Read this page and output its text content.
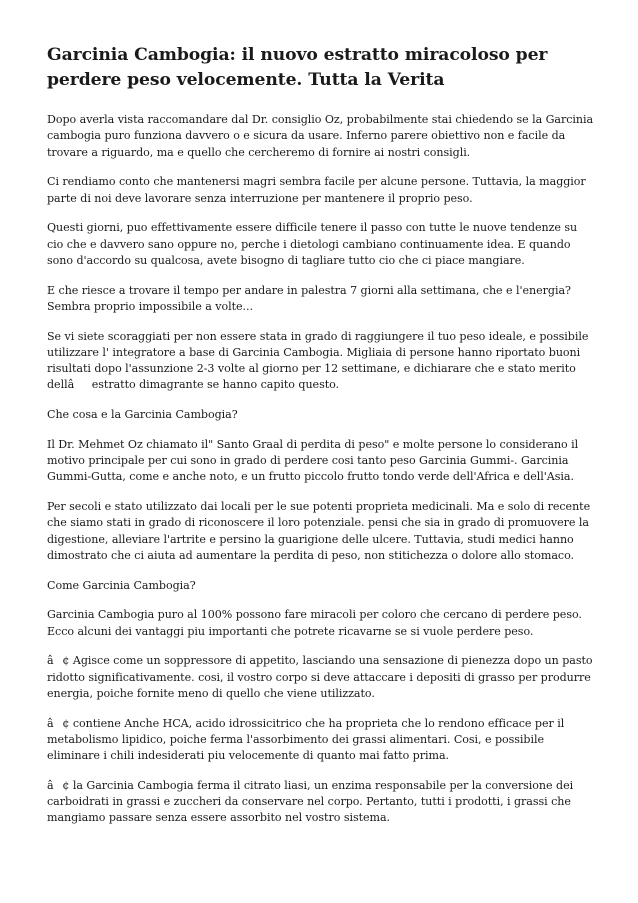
Garcinia Cambogia: il nuovo estratto miracoloso per perdere peso velocemente. Tutta la Verita

Dopo averla vista raccomandare dal Dr. consiglio Oz, probabilmente stai chiedendo se la Garcinia cambogia puro funziona davvero o e sicura da usare. Inferno parere obiettivo non e facile da trovare a riguardo, ma e quello che cercheremo di fornire ai nostri consigli.

Ci rendiamo conto che mantenersi magri sembra facile per alcune persone. Tuttavia, la maggior parte di noi deve lavorare senza interruzione per mantenere il proprio peso.

Questi giorni, puo effettivamente essere difficile tenere il passo con tutte le nuove tendenze su cio che e davvero sano oppure no, perche i dietologi cambiano continuamente idea. E quando sono d'accordo su qualcosa, avete bisogno di tagliare tutto cio che ci piace mangiare.

E che riesce a trovare il tempo per andare in palestra 7 giorni alla settimana, che e l'energia? Sembra proprio impossibile a volte...

Se vi siete scoraggiati per non essere stata in grado di raggiungere il tuo peso ideale, e possibile utilizzare l' integratore a base di Garcinia Cambogia. Migliaia di persone hanno riportato buoni risultati dopo l'assunzione 2-3 volte al giorno per 12 settimane, e dichiarare che e stato merito dellâestratto dimagrante se hanno capito questo.

Che cosa e la Garcinia Cambogia?

Il Dr. Mehmet Oz chiamato il" Santo Graal di perdita di peso" e molte persone lo considerano il motivo principale per cui sono in grado di perdere cosi tanto peso Garcinia Gummi-. Garcinia Gummi-Gutta, come e anche noto, e un frutto piccolo frutto tondo verde dell'Africa e dell'Asia.

Per secoli e stato utilizzato dai locali per le sue potenti proprieta medicinali. Ma e solo di recente che siamo stati in grado di riconoscere il loro potenziale. pensi che sia in grado di promuovere la digestione, alleviare l'artrite e persino la guarigione delle ulcere. Tuttavia, studi medici hanno dimostrato che ci aiuta ad aumentare la perdita di peso, non stitichezza o dolore allo stomaco.

Come Garcinia Cambogia?

Garcinia Cambogia puro al 100% possono fare miracoli per coloro che cercano di perdere peso. Ecco alcuni dei vantaggi piu importanti che potrete ricavarne se si vuole perdere peso.

â¢ Agisce come un soppressore di appetito, lasciando una sensazione di pienezza dopo un pasto ridotto significativamente. cosi, il vostro corpo si deve attaccare i depositi di grasso per produrre energia, poiche fornite meno di quello che viene utilizzato.

â¢ contiene Anche HCA, acido idrossicitrico che ha proprieta che lo rendono efficace per il metabolismo lipidico, poiche ferma l'assorbimento dei grassi alimentari. Cosi, e possibile eliminare i chili indesiderati piu velocemente di quanto mai fatto prima.

â¢ la Garcinia Cambogia ferma il citrato liasi, un enzima responsabile per la conversione dei carboidrati in grassi e zuccheri da conservare nel corpo. Pertanto, tutti i prodotti, i grassi che mangiamo passare senza essere assorbito nel vostro sistema.
